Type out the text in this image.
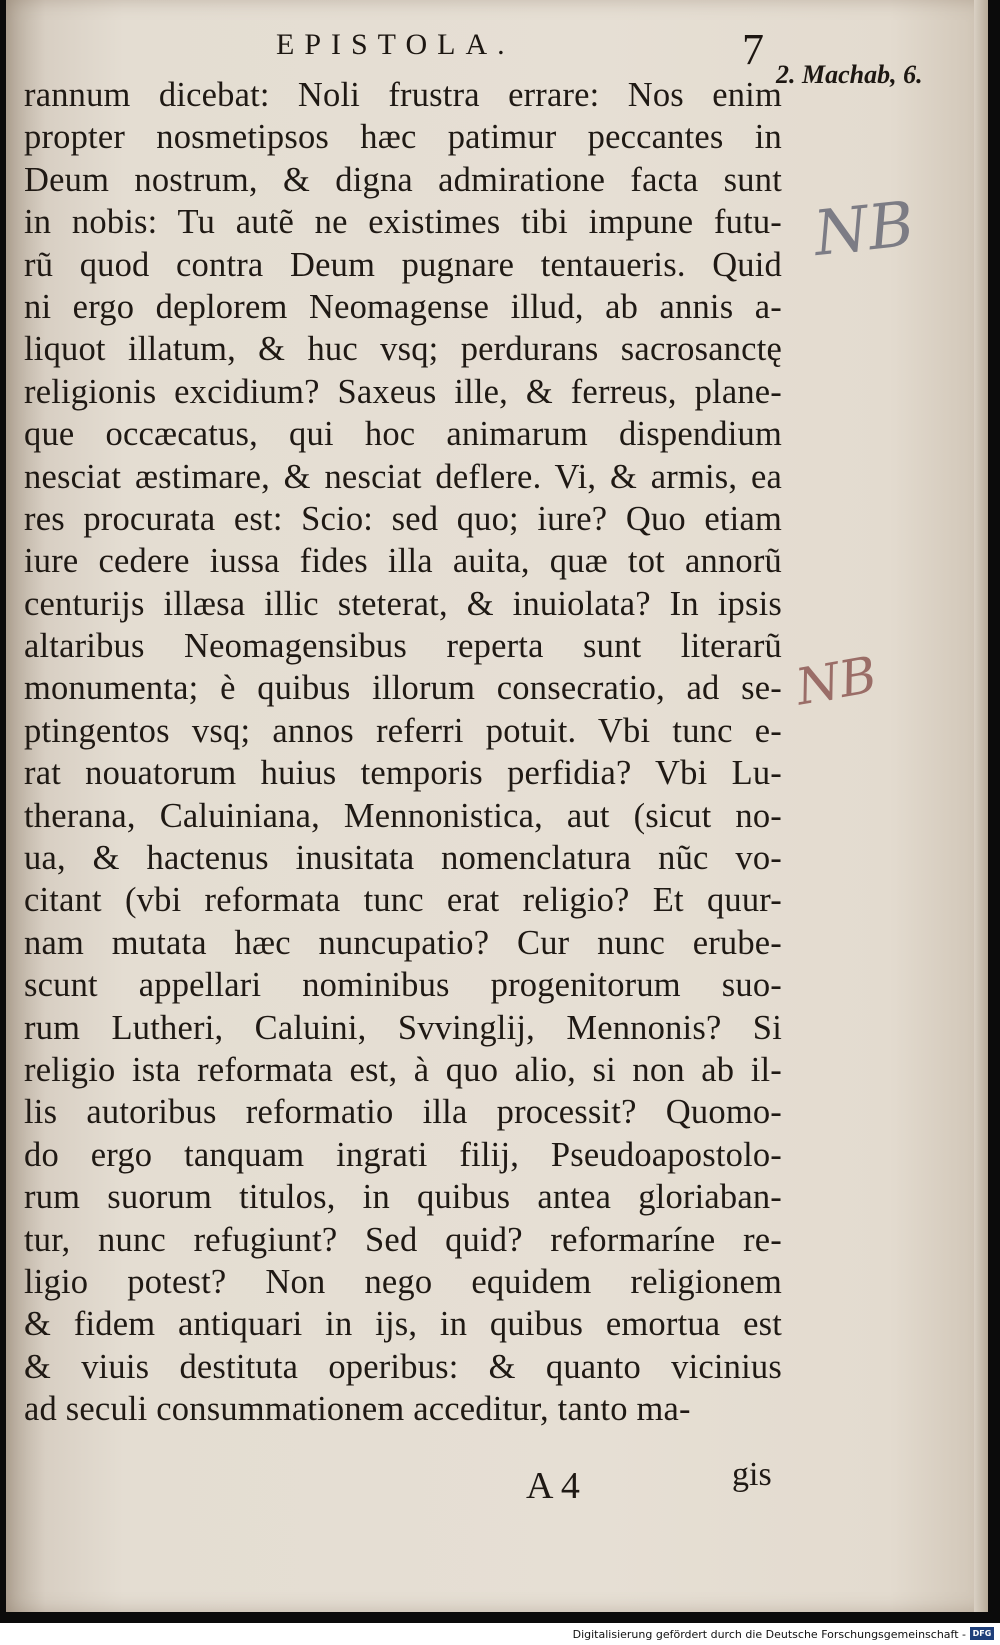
EPISTOLA.	7
2. Machab, 6.
NB
NB
rannum dicebat: Noli frustra errare: Nos enim
propter nosmetipsos hæc patimur peccantes in
Deum nostrum, & digna admiratione facta sunt
in nobis: Tu autẽ ne existimes tibi impune futu-
rũ quod contra Deum pugnare tentaueris. Quid
ni ergo deplorem Neomagense illud, ab annis a-
liquot illatum, & huc vsq; perdurans sacrosanctę
religionis excidium? Saxeus ille, & ferreus, plane-
que occæcatus, qui hoc animarum dispendium
nesciat æstimare, & nesciat deflere. Vi, & armis, ea
res procurata est: Scio: sed quo; iure? Quo etiam
iure cedere iussa fides illa auita, quæ tot annorũ
centurijs illæsa illic steterat, & inuiolata? In ipsis
altaribus Neomagensibus reperta sunt literarũ
monumenta; è quibus illorum consecratio, ad se-
ptingentos vsq; annos referri potuit. Vbi tunc e-
rat nouatorum huius temporis perfidia? Vbi Lu-
therana, Caluiniana, Mennonistica, aut (sicut no-
ua, & hactenus inusitata nomenclatura nũc vo-
citant (vbi reformata tunc erat religio? Et quur-
nam mutata hæc nuncupatio? Cur nunc erube-
scunt appellari nominibus progenitorum suo-
rum Lutheri, Caluini, Svvinglij, Mennonis? Si
religio ista reformata est, à quo alio, si non ab il-
lis autoribus reformatio illa processit? Quomo-
do ergo tanquam ingrati filij, Pseudoapostolo-
rum suorum titulos, in quibus antea gloriaban-
tur, nunc refugiunt? Sed quid? reformaríne re-
ligio potest? Non nego equidem religionem
& fidem antiquari in ijs, in quibus emortua est
& viuis destituta operibus: & quanto vicinius
ad seculi consummationem acceditur, tanto ma-
A 4	gis
Digitalisierung gefördert durch die Deutsche Forschungsgemeinschaft - DFG
